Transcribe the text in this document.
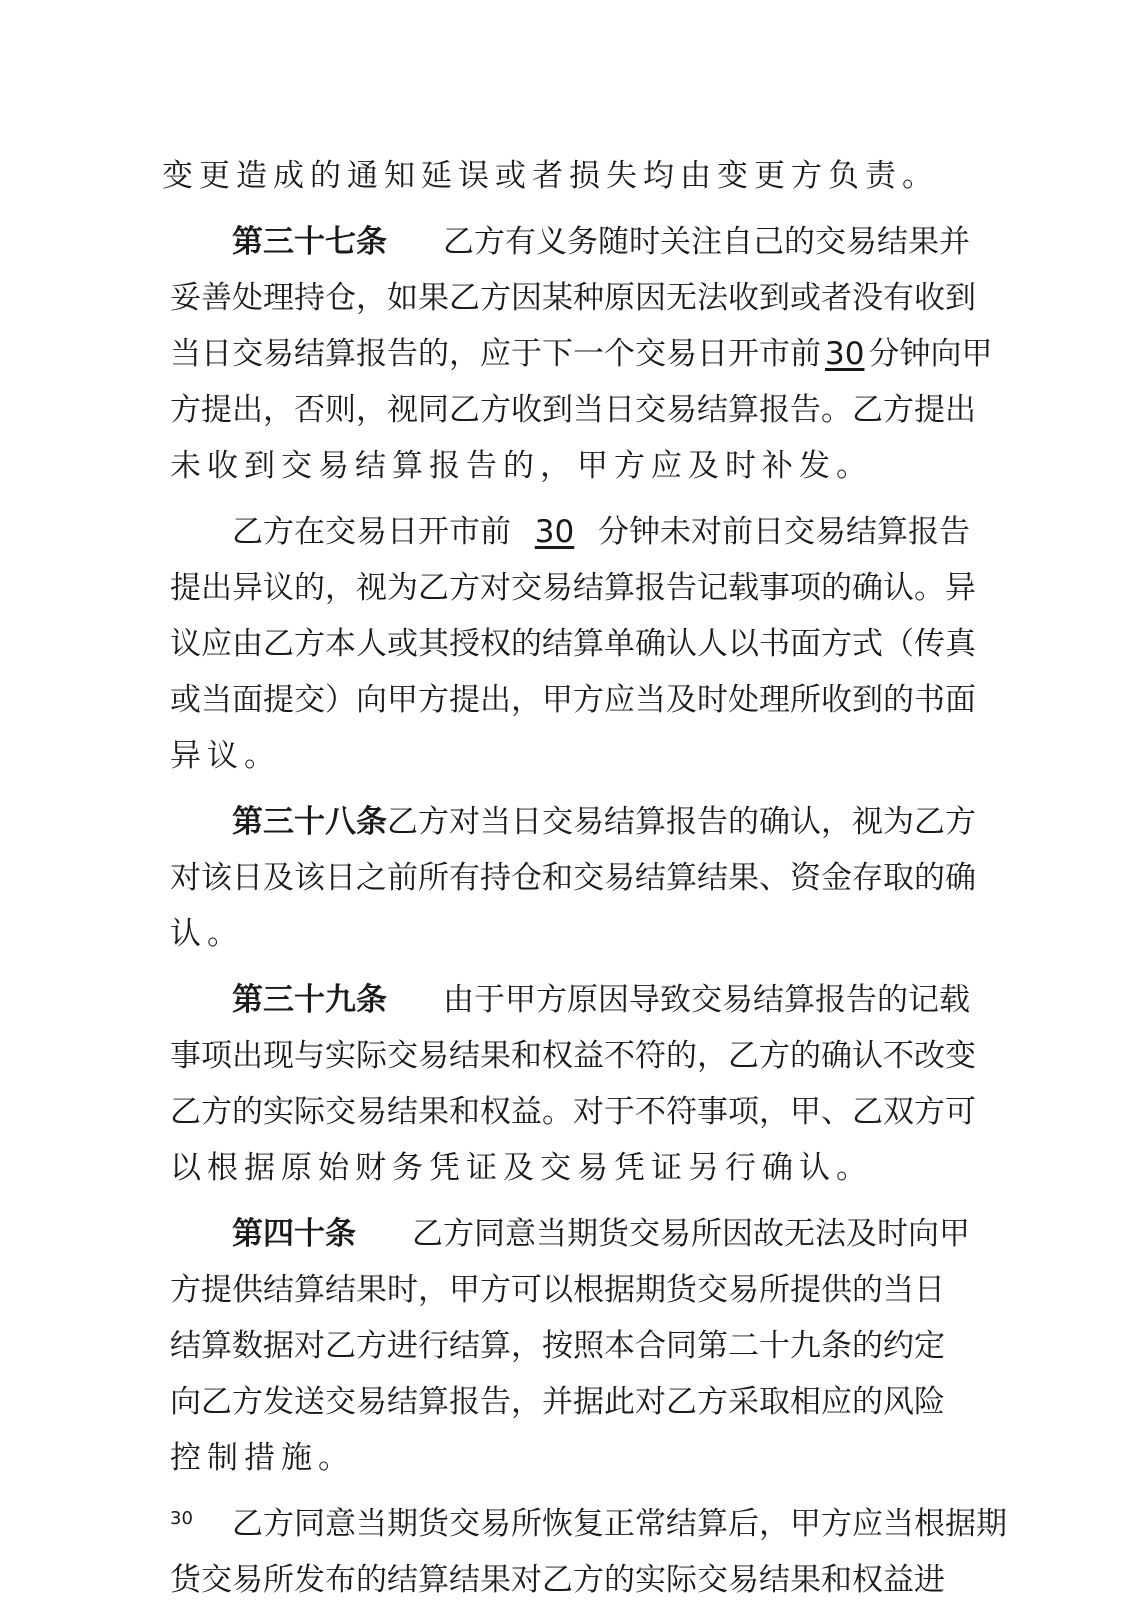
变更造成的通知延误或者损失均由变更方负责。
第三十七条 乙方有义务随时关注自己的交易结果并
妥善处理持仓，如果乙方因某种原因无法收到或者没有收到
当日交易结算报告的，应于下一个交易日开市前 30 分钟向甲
方提出，否则，视同乙方收到当日交易结算报告。乙方提出
未收到交易结算报告的，甲方应及时补发。
乙方在交易日开市前 30 分钟未对前日交易结算报告
提出异议的，视为乙方对交易结算报告记载事项的确认。异
议应由乙方本人或其授权的结算单确认人以书面方式（传真
或当面提交）向甲方提出，甲方应当及时处理所收到的书面
异议。
第三十八条 乙方对当日交易结算报告的确认，视为乙方
对该日及该日之前所有持仓和交易结算结果、资金存取的确
认。
第三十九条 由于甲方原因导致交易结算报告的记载
事项出现与实际交易结果和权益不符的，乙方的确认不改变
乙方的实际交易结果和权益。对于不符事项，甲、乙双方可
以根据原始财务凭证及交易凭证另行确认。
第四十条 乙方同意当期货交易所因故无法及时向甲
方提供结算结果时，甲方可以根据期货交易所提供的当日
结算数据对乙方进行结算，按照本合同第二十九条的约定
向乙方发送交易结算报告，并据此对乙方采取相应的风险
控制措施。
乙方同意当期货交易所恢复正常结算后，甲方应当根据期
货交易所发布的结算结果对乙方的实际交易结果和权益进
30
